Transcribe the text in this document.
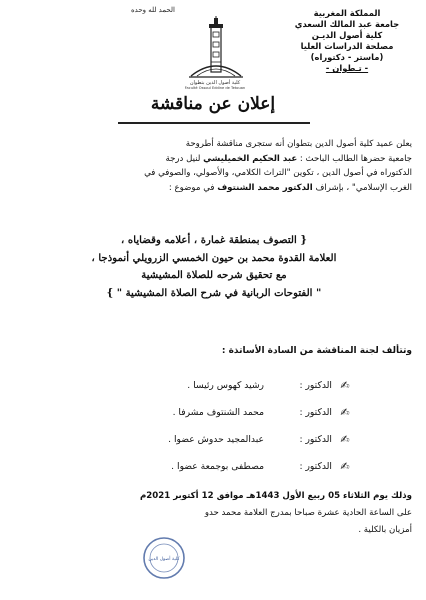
الحمد لله وحده
كلية أصول الدين بتطوان
Faculté Ossoul Eddine de Tetouan
المملكة المغربية
جامعة عبد المالك السعدي
كلية أصول الديـن
مصلحة الدراسات العليا
(ماستر - دكتوراه)
- تـطوان -
إعلان عن مناقشة

يعلن عميد كلية أصول الدين بتطوان أنه ستجرى مناقشة أطروحة

جامعية حضرها الطالب الباحث : عبد الحكيم الخميليشي لنيل درجة

الدكتوراه في أصول الدين ، تكوين "التراث الكلامي، والأصولي، والصوفي في

الغرب الإسلامي" ، بإشراف الدكتور محمد الشنتوف في موضوع :

{ التصوف بمنطقة غمارة ، أعلامه وقضاياه ،

العلامة القدوة محمد بن حيون الخمسي الزرويلي أنموذجا ،

مع تحقيق شرحه للصلاة المشيشية

" الفتوحات الربانية في شرح الصلاة المشيشية " }

وتتألف لجنة المناقشة من السادة الأساتذة :
✍
الدكتور :
رشيد كهوس رئيسا .
✍
الدكتور :
محمد الشنتوف مشرفا .
✍
الدكتور :
عبدالمجيد حدوش عضوا .
✍
الدكتور :
مصطفى بوجمعة عضوا .

وذلك يوم الثلاثاء 05 ربيع الأول 1443هـ موافق 12 أكتوبر 2021م

على الساعة الحادية عشرة صباحا بمدرج العلامة محمد حدو

أمزيان بالكلية .

كلية أصول الدين
